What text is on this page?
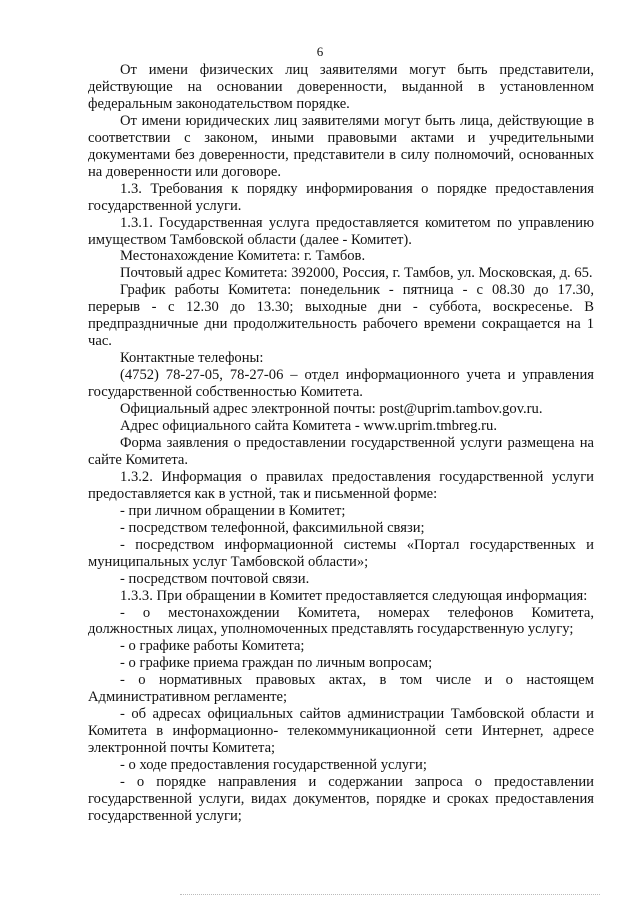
6

От имени физических лиц заявителями могут быть представители, действующие на основании доверенности, выданной в установленном федеральным законодательством порядке.

От имени юридических лиц заявителями могут быть лица, действующие в соответствии с законом, иными правовыми актами и учредительными документами без доверенности, представители в силу полномочий, основанных на доверенности или договоре.

1.3. Требования к порядку информирования о порядке предоставления государственной услуги.

1.3.1. Государственная услуга предоставляется комитетом по управлению имуществом Тамбовской области (далее - Комитет).

Местонахождение Комитета: г. Тамбов.

Почтовый адрес Комитета: 392000, Россия, г. Тамбов, ул. Московская, д. 65.

График работы Комитета: понедельник - пятница - с 08.30 до 17.30, перерыв - с 12.30 до 13.30; выходные дни - суббота, воскресенье. В предпраздничные дни продолжительность рабочего времени сокращается на 1 час.

Контактные телефоны:

(4752) 78-27-05, 78-27-06 – отдел информационного учета и управления государственной собственностью Комитета.

Официальный адрес электронной почты: post@uprim.tambov.gov.ru.

Адрес официального сайта Комитета - www.uprim.tmbreg.ru.

Форма заявления о предоставлении государственной услуги размещена на сайте Комитета.

1.3.2. Информация о правилах предоставления государственной услуги предоставляется как в устной, так и письменной форме:

- при личном обращении в Комитет;

- посредством телефонной, факсимильной связи;

- посредством информационной системы «Портал государственных и муниципальных услуг Тамбовской области»;

- посредством почтовой связи.

1.3.3. При обращении в Комитет предоставляется следующая информация:

- о местонахождении Комитета, номерах телефонов Комитета, должностных лицах, уполномоченных представлять государственную услугу;

- о графике работы Комитета;

- о графике приема граждан по личным вопросам;

- о нормативных правовых актах, в том числе и о настоящем Административном регламенте;

- об адресах официальных сайтов администрации Тамбовской области и Комитета в информационно- телекоммуникационной сети Интернет, адресе электронной почты Комитета;

- о ходе предоставления государственной услуги;

- о порядке направления и содержании запроса о предоставлении государственной услуги, видах документов, порядке и сроках предоставления государственной услуги;
